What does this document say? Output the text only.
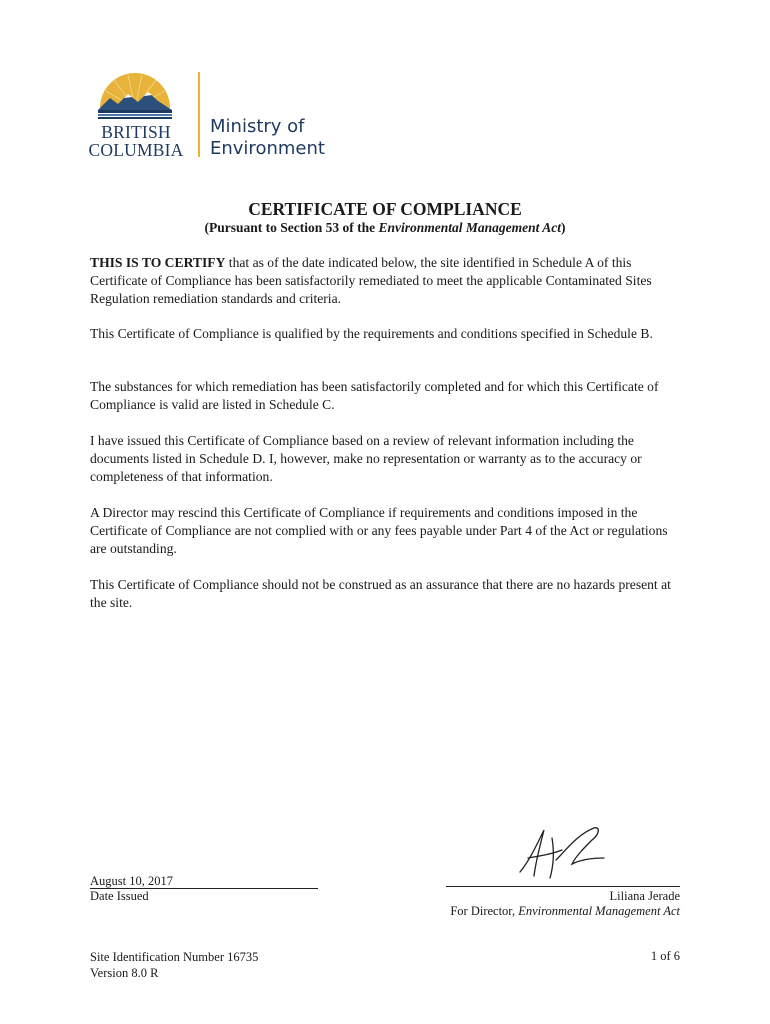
BRITISH
COLUMBIA
Ministry of
Environment
CERTIFICATE OF COMPLIANCE
(Pursuant to Section 53 of the Environmental Management Act)

THIS IS TO CERTIFY that as of the date indicated below, the site identified in Schedule A of this Certificate of Compliance has been satisfactorily remediated to meet the applicable Contaminated Sites Regulation remediation standards and criteria.

This Certificate of Compliance is qualified by the requirements and conditions specified in Schedule B.

The substances for which remediation has been satisfactorily completed and for which this Certificate of Compliance is valid are listed in Schedule C.

I have issued this Certificate of Compliance based on a review of relevant information including the documents listed in Schedule D. I, however, make no representation or warranty as to the accuracy or completeness of that information.

A Director may rescind this Certificate of Compliance if requirements and conditions imposed in the Certificate of Compliance are not complied with or any fees payable under Part 4 of the Act or regulations are outstanding.

This Certificate of Compliance should not be construed as an assurance that there are no hazards present at the site.

August 10, 2017
Date Issued	Liliana Jerade
For Director, Environmental Management Act
Site Identification Number 16735
Version 8.0 R
1 of 6
